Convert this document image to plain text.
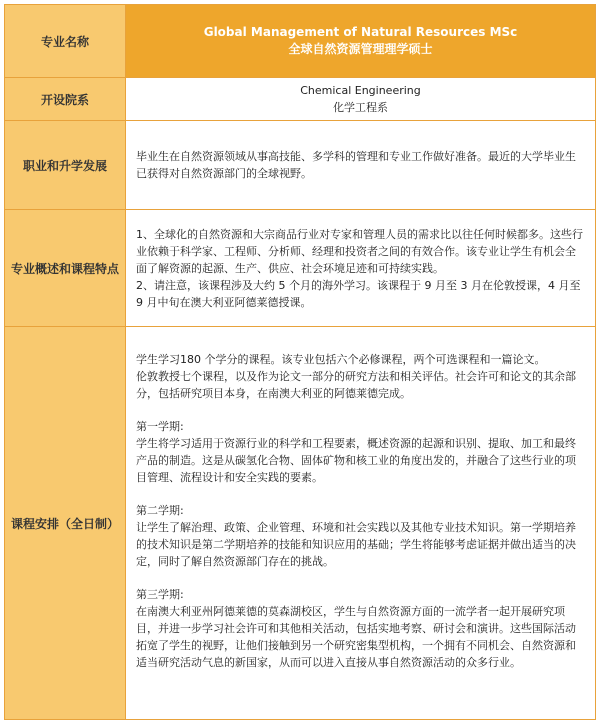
专业名称

Global Management of Natural Resources MSc

全球自然资源管理理学硕士

开设院系

Chemical Engineering

化学工程系

职业和升学发展

毕业生在自然资源领域从事高技能、多学科的管理和专业工作做好准备。最近的大学毕业生已获得对自然资源部门的全球视野。

专业概述和课程特点

1、全球化的自然资源和大宗商品行业对专家和管理人员的需求比以往任何时候都多。这些行业依赖于科学家、工程师、分析师、经理和投资者之间的有效合作。该专业让学生有机会全面了解资源的起源、生产、供应、社会环境足迹和可持续实践。

2、请注意，该课程涉及大约 5 个月的海外学习。该课程于 9 月至 3 月在伦敦授课，4 月至 9 月中旬在澳大利亚阿德莱德授课。

课程安排（全日制）

学生学习180 个学分的课程。该专业包括六个必修课程，两个可选课程和一篇论文。

伦敦教授七个课程，以及作为论文一部分的研究方法和相关评估。社会许可和论文的其余部分，包括研究项目本身，在南澳大利亚的阿德莱德完成。

第一学期:

学生将学习适用于资源行业的科学和工程要素，概述资源的起源和识别、提取、加工和最终产品的制造。这是从碳氢化合物、固体矿物和核工业的角度出发的，并融合了这些行业的项目管理、流程设计和安全实践的要素。

第二学期:

让学生了解治理、政策、企业管理、环境和社会实践以及其他专业技术知识。第一学期培养的技术知识是第二学期培养的技能和知识应用的基础；学生将能够考虑证据并做出适当的决定，同时了解自然资源部门存在的挑战。

第三学期:

在南澳大利亚州阿德莱德的莫森湖校区，学生与自然资源方面的一流学者一起开展研究项目，并进一步学习社会许可和其他相关活动，包括实地考察、研讨会和演讲。这些国际活动拓宽了学生的视野，让他们接触到另一个研究密集型机构，一个拥有不同机会、自然资源和适当研究活动气息的新国家，从而可以进入直接从事自然资源活动的众多行业。
